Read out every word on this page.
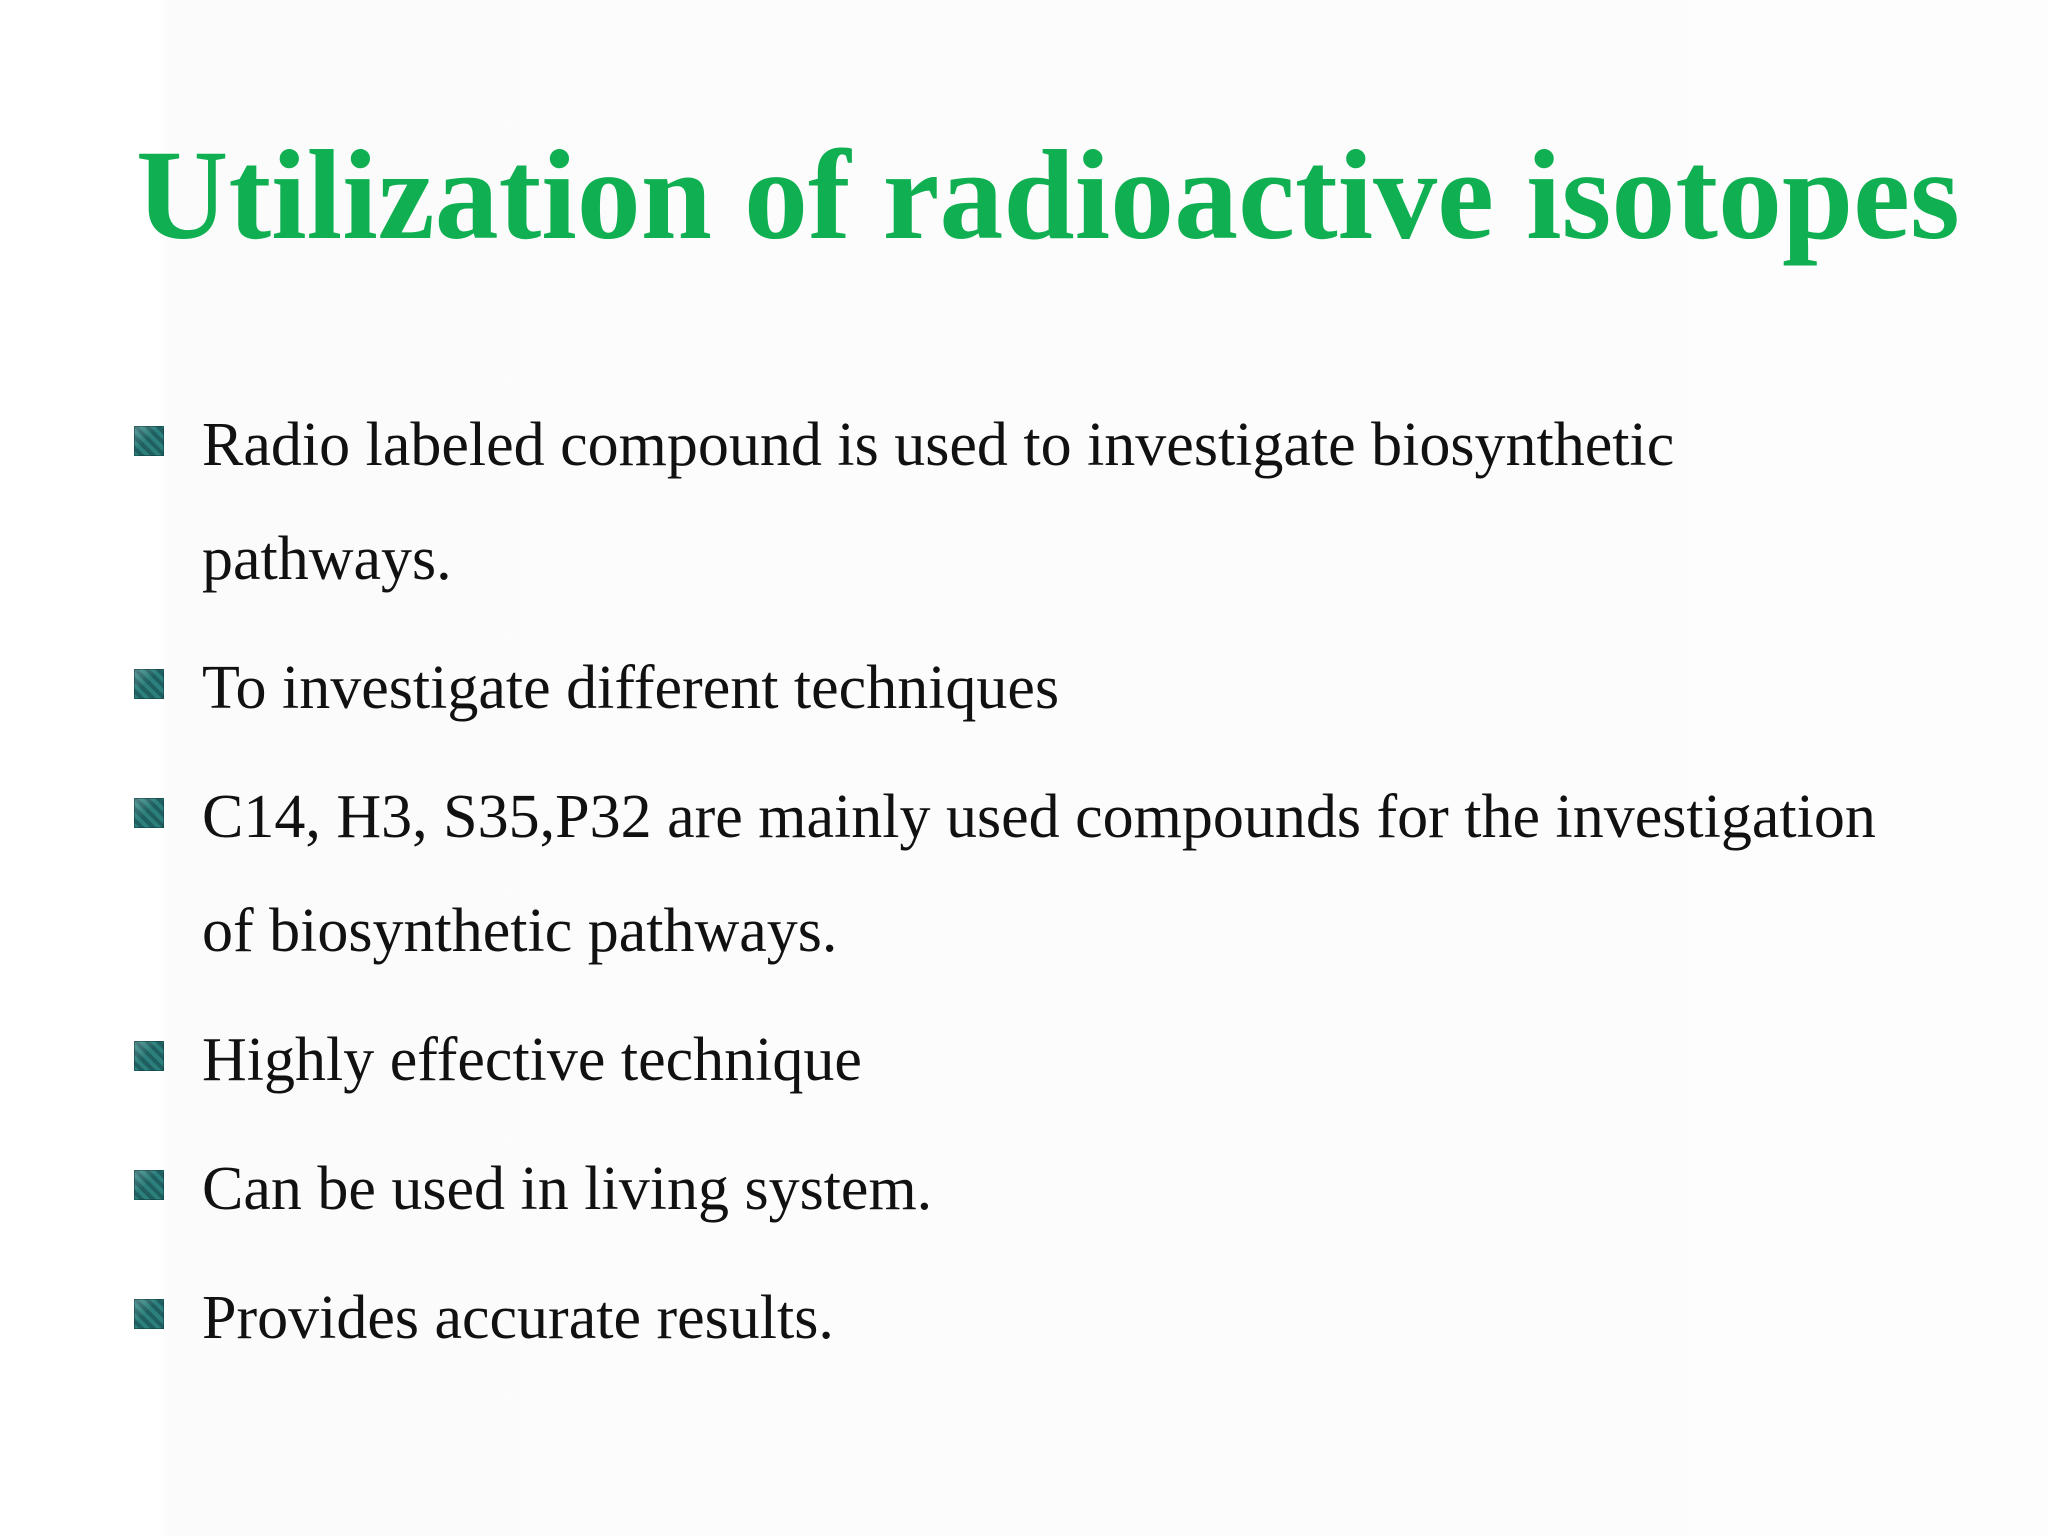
Utilization of radioactive isotopes
Radio labeled compound is used to investigate biosynthetic pathways.
To investigate different techniques
C14, H3, S35,P32 are mainly used compounds for the investigation of biosynthetic pathways.
Highly effective technique
Can be used in living system.
Provides accurate results.
